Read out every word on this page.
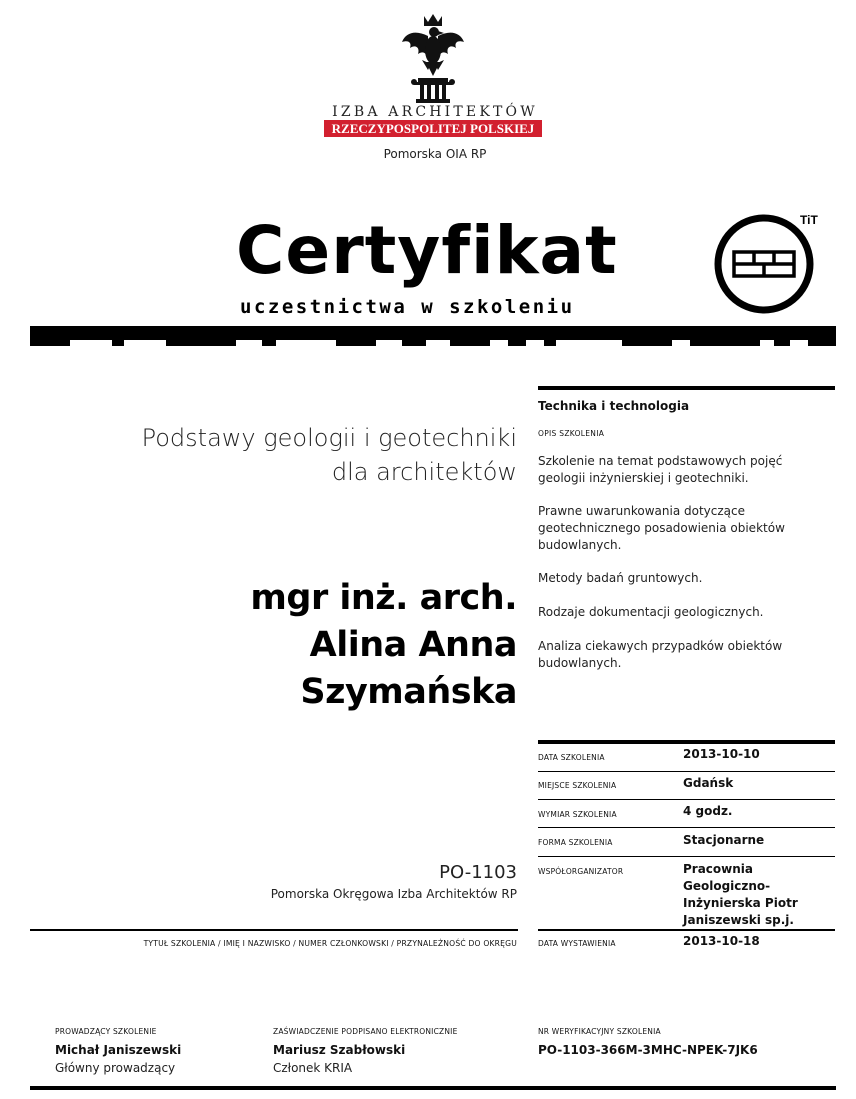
IZBA ARCHITEKTÓW
RZECZYPOSPOLITEJ POLSKIEJ
Pomorska OIA RP
Certyfikat
uczestnictwa w szkoleniu
TiT
Podstawy geologii i geotechniki
dla architektów
mgr inż. arch.
Alina Anna
Szymańska
PO-1103
Pomorska Okręgowa Izba Architektów RP
TYTUŁ SZKOLENIA / IMIĘ I NAZWISKO / NUMER CZŁONKOWSKI / PRZYNALEŻNOŚĆ DO OKRĘGU
Technika i technologia
OPIS SZKOLENIA
Szkolenie na temat podstawowych pojęć geologii inżynierskiej i geotechniki.
Prawne uwarunkowania dotyczące geotechnicznego posadowienia obiektów budowlanych.
Metody badań gruntowych.
Rodzaje dokumentacji geologicznych.
Analiza ciekawych przypadków obiektów budowlanych.
DATA SZKOLENIA	2013-10-10
MIEJSCE SZKOLENIA	Gdańsk
WYMIAR SZKOLENIA	4 godz.
FORMA SZKOLENIA	Stacjonarne
WSPÓŁORGANIZATOR	Pracownia Geologiczno-Inżynierska Piotr Janiszewski sp.j.
DATA WYSTAWIENIA	2013-10-18
PROWADZĄCY SZKOLENIE
Michał Janiszewski
Główny prowadzący
ZAŚWIADCZENIE PODPISANO ELEKTRONICZNIE
Mariusz Szabłowski
Członek KRIA
NR WERYFIKACYJNY SZKOLENIA
PO-1103-366M-3MHC-NPEK-7JK6
